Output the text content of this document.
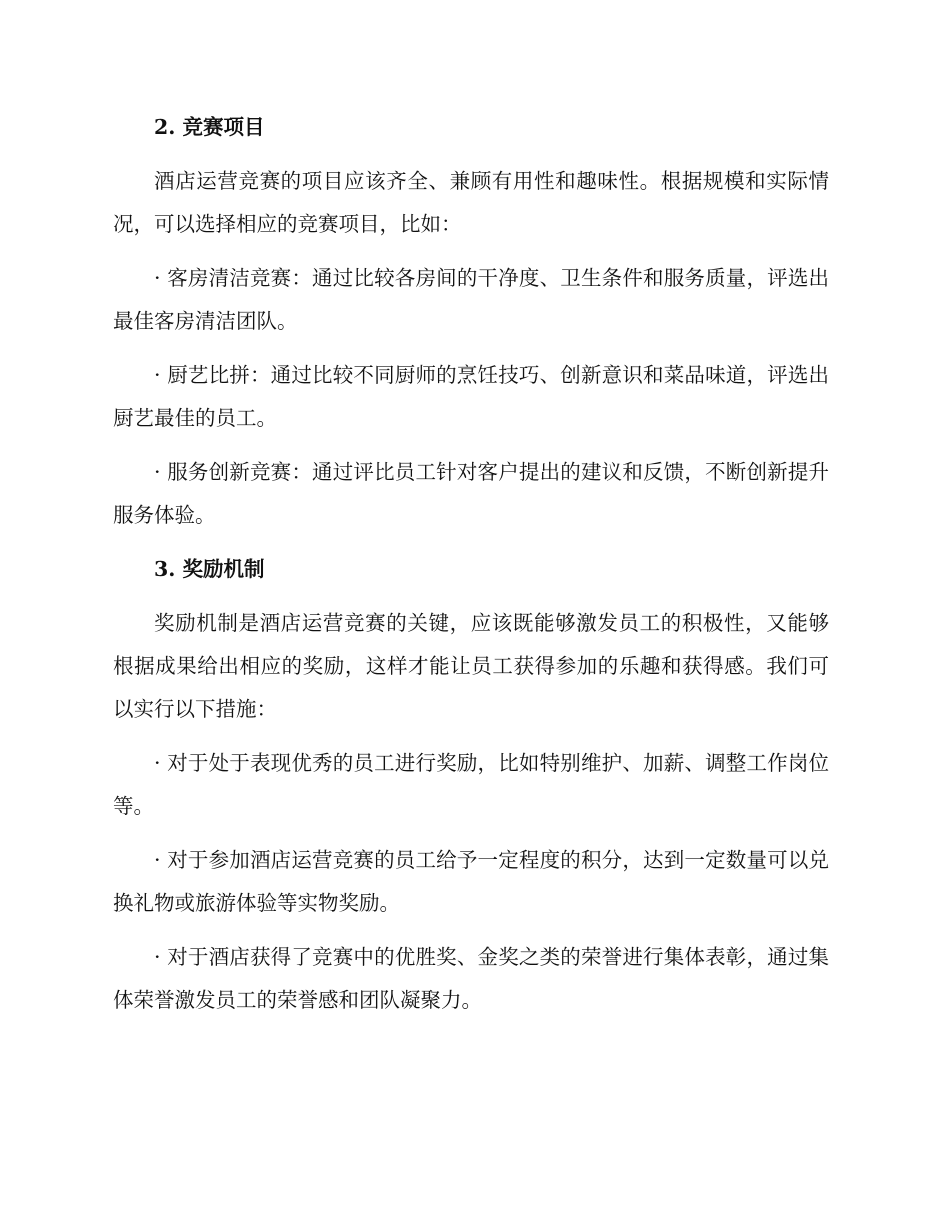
2. 竞赛项目

酒店运营竞赛的项目应该齐全、兼顾有用性和趣味性。根据规模和实际情况，可以选择相应的竞赛项目，比如：

· 客房清洁竞赛：通过比较各房间的干净度、卫生条件和服务质量，评选出最佳客房清洁团队。

· 厨艺比拼：通过比较不同厨师的烹饪技巧、创新意识和菜品味道，评选出厨艺最佳的员工。

· 服务创新竞赛：通过评比员工针对客户提出的建议和反馈，不断创新提升服务体验。

3. 奖励机制

奖励机制是酒店运营竞赛的关键，应该既能够激发员工的积极性，又能够根据成果给出相应的奖励，这样才能让员工获得参加的乐趣和获得感。我们可以实行以下措施：

· 对于处于表现优秀的员工进行奖励，比如特别维护、加薪、调整工作岗位等。

· 对于参加酒店运营竞赛的员工给予一定程度的积分，达到一定数量可以兑换礼物或旅游体验等实物奖励。

· 对于酒店获得了竞赛中的优胜奖、金奖之类的荣誉进行集体表彰，通过集体荣誉激发员工的荣誉感和团队凝聚力。
